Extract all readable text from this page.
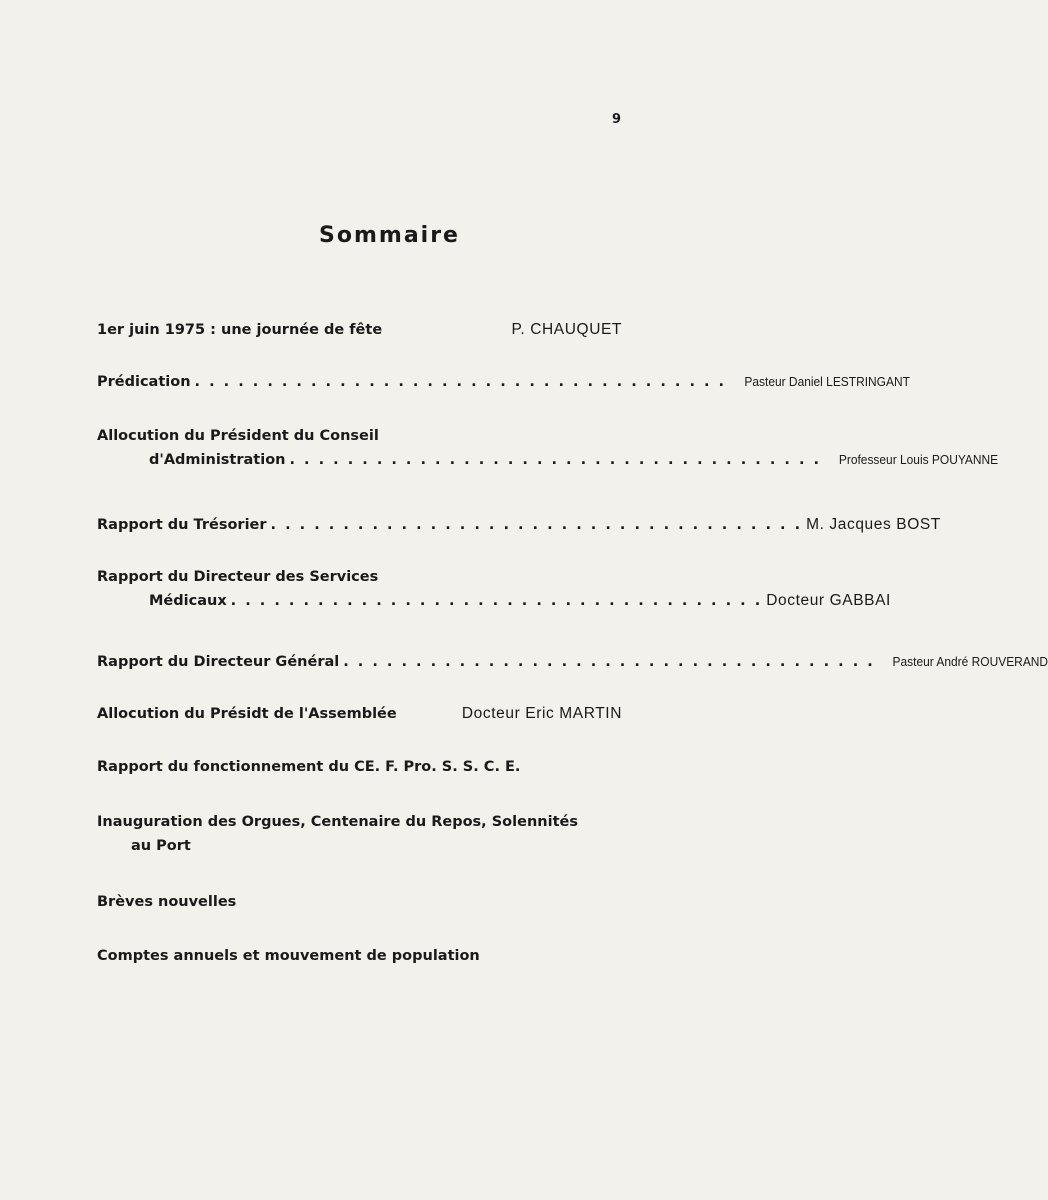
9
Sommaire
1er juin 1975 : une journée de fête	P. CHAUQUET
Prédication . . . . . . . . . . . . . . . . . . . . . . . . . . . . . . . . . . . . . Pasteur Daniel LESTRINGANT
Allocution du Président du Conseil
d'Administration . . . . . . . . . . . . . . . . . . . . . . . . . . . . . . . . . . . . . Professeur Louis POUYANNE
Rapport du Trésorier . . . . . . . . . . . . . . . . . . . . . . . . . . . . . . . . . . . . . M. Jacques BOST
Rapport du Directeur des Services
Médicaux . . . . . . . . . . . . . . . . . . . . . . . . . . . . . . . . . . . . . Docteur GABBAI
Rapport du Directeur Général . . . . . . . . . . . . . . . . . . . . . . . . . . . . . . . . . . . . . Pasteur André ROUVERAND
Allocution du Présidt de l'Assemblée	Docteur Eric MARTIN
Rapport du fonctionnement du CE. F. Pro. S. S. C. E.
Inauguration des Orgues, Centenaire du Repos, Solennités
au Port
Brèves nouvelles
Comptes annuels et mouvement de population
